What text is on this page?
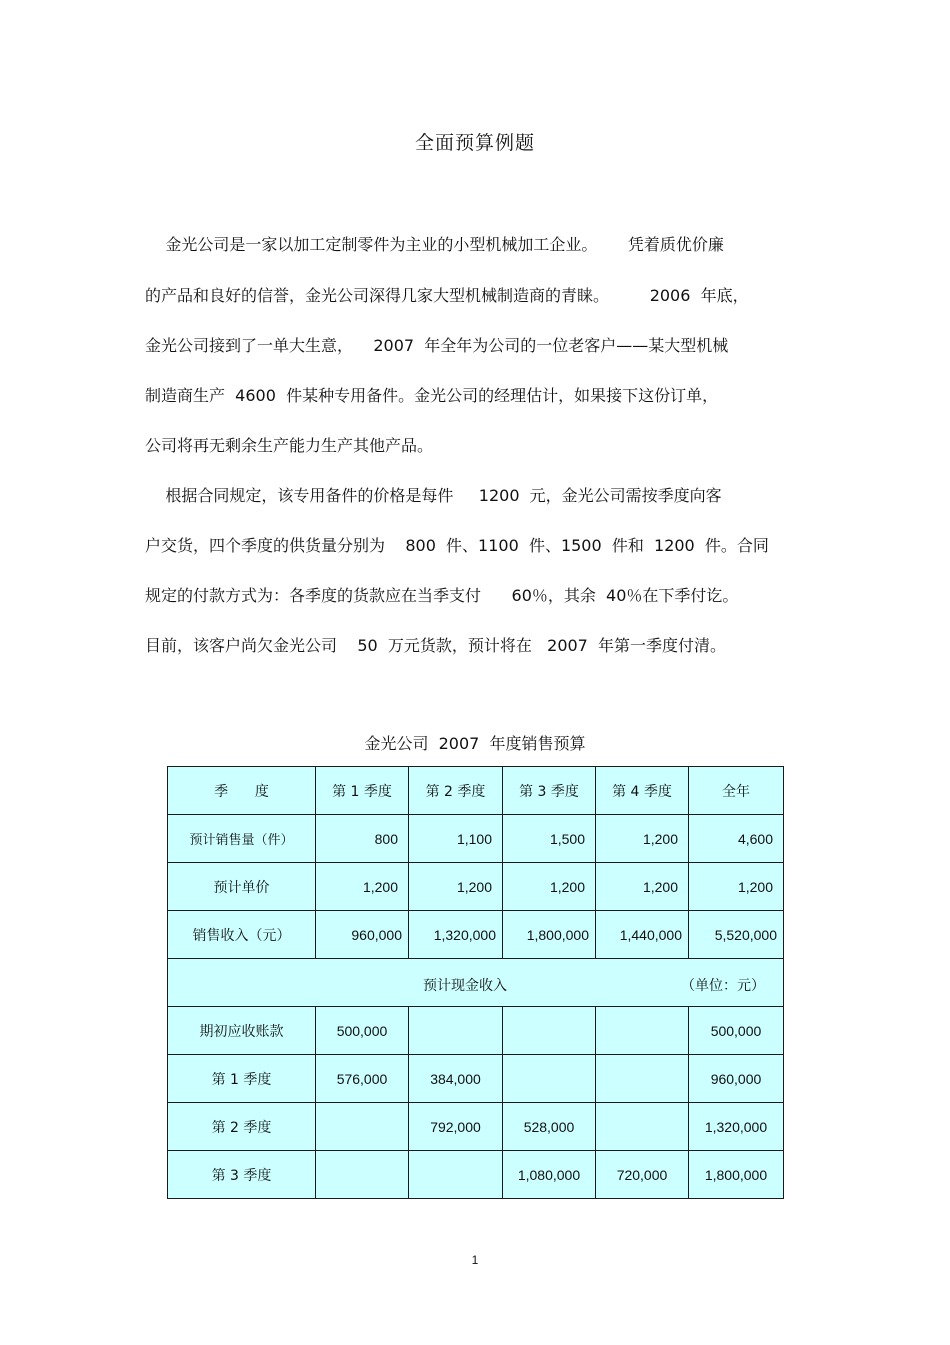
全面预算例题
金光公司是一家以加工定制零件为主业的小型机械加工企业。      凭着质优价廉
的产品和良好的信誉，金光公司深得几家大型机械制造商的青睐。        2006  年底，
金光公司接到了一单大生意，    2007  年全年为公司的一位老客户——某大型机械
制造商生产  4600  件某种专用备件。金光公司的经理估计，如果接下这份订单，
公司将再无剩余生产能力生产其他产品。
根据合同规定，该专用备件的价格是每件     1200  元，金光公司需按季度向客
户交货，四个季度的供货量分别为    800  件、1100  件、1500  件和  1200  件。合同
规定的付款方式为：各季度的货款应在当季支付      60％，其余  40％在下季付讫。
目前，该客户尚欠金光公司    50  万元货款，预计将在   2007  年第一季度付清。
金光公司  2007  年度销售预算
季      度	第 1 季度	第 2 季度	第 3 季度	第 4 季度	全年
预计销售量（件）	800	1,100	1,500	1,200	4,600
预计单价	1,200	1,200	1,200	1,200	1,200
销售收入（元）	960,000	1,320,000	1,800,000	1,440,000	5,520,000

预计现金收入 （单位：元）					

期初应收账款	500,000				500,000
第 1 季度	576,000	384,000			960,000
第 2 季度		792,000	528,000		1,320,000
第 3 季度			1,080,000	720,000	1,800,000
1
